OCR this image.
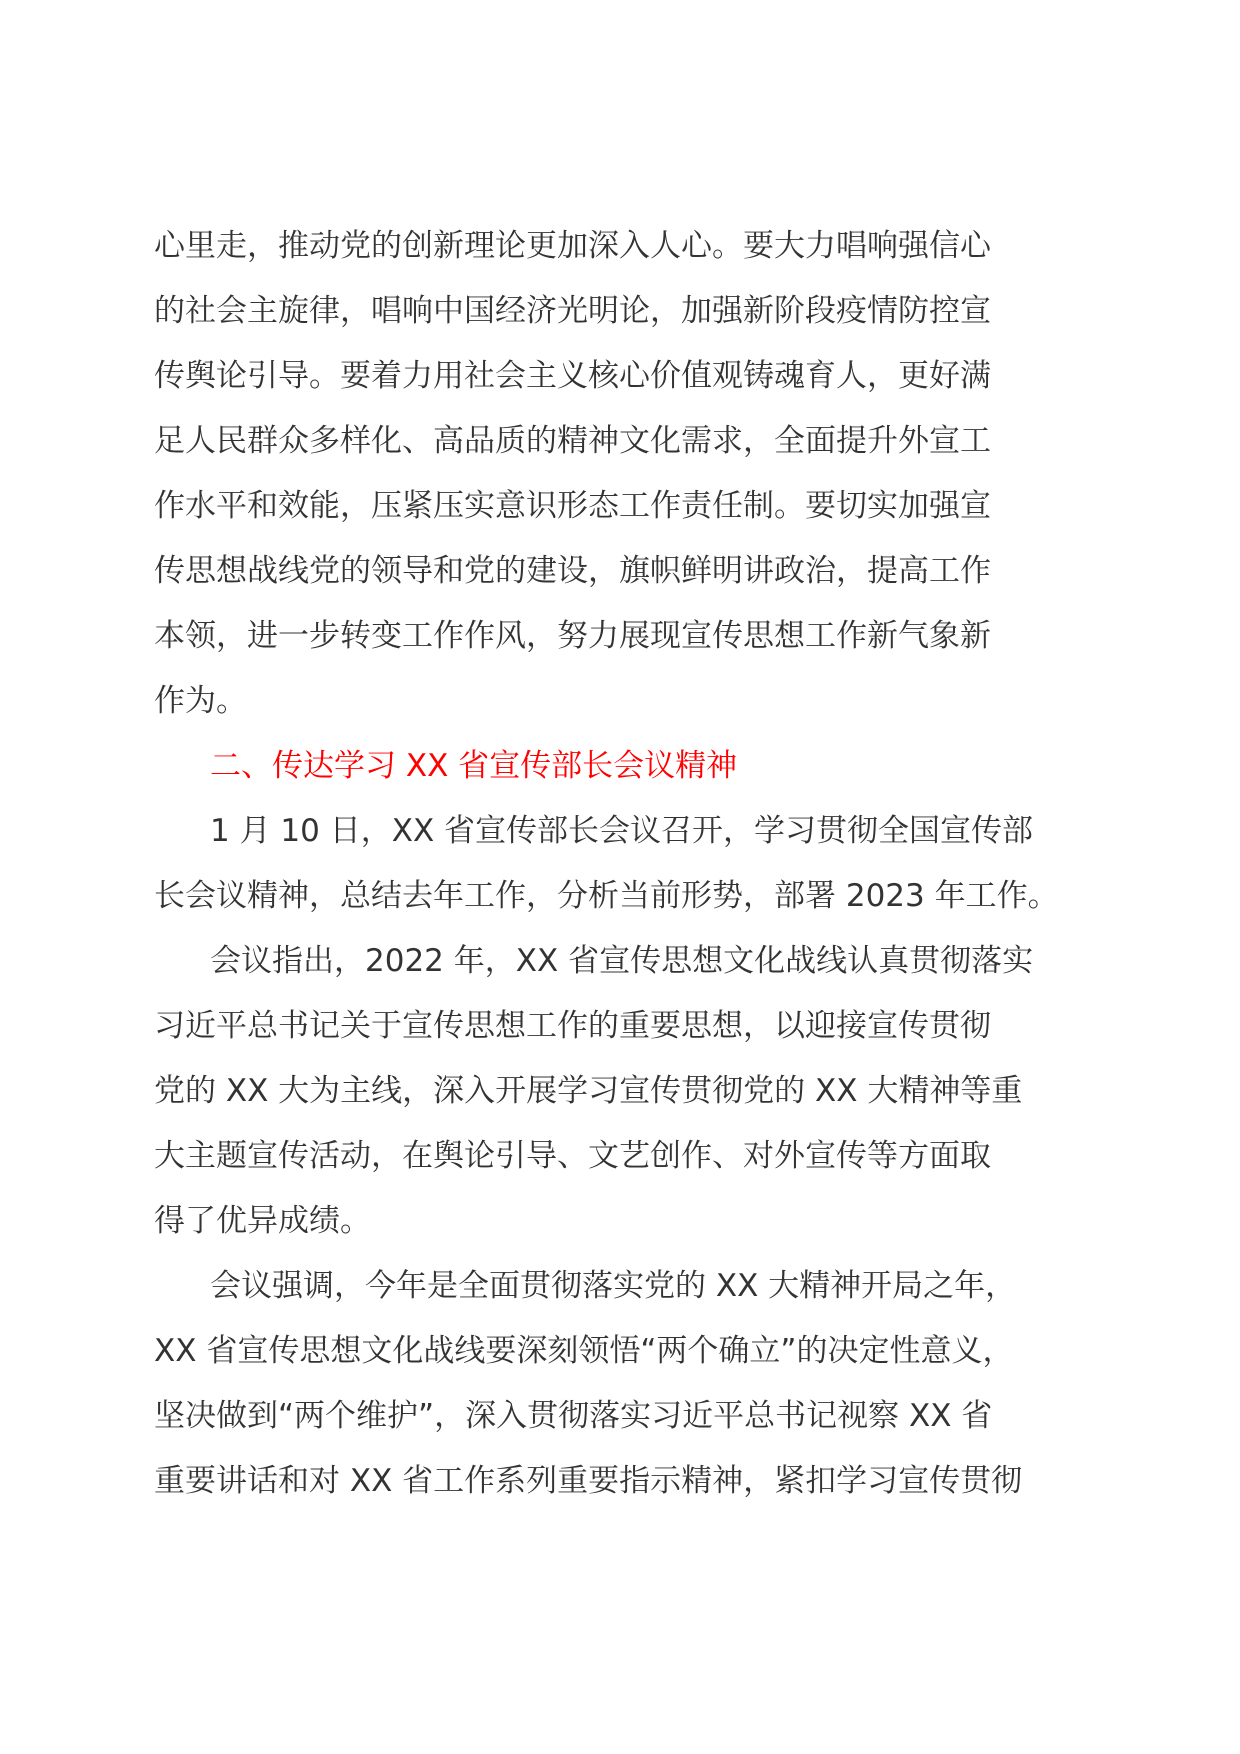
心里走，推动党的创新理论更加深入人心。要大力唱响强信心
的社会主旋律，唱响中国经济光明论，加强新阶段疫情防控宣
传舆论引导。要着力用社会主义核心价值观铸魂育人，更好满
足人民群众多样化、高品质的精神文化需求，全面提升外宣工
作水平和效能，压紧压实意识形态工作责任制。要切实加强宣
传思想战线党的领导和党的建设，旗帜鲜明讲政治，提高工作
本领，进一步转变工作作风，努力展现宣传思想工作新气象新
作为。
二、传达学习 XX 省宣传部长会议精神
1 月 10 日，XX 省宣传部长会议召开，学习贯彻全国宣传部
长会议精神，总结去年工作，分析当前形势，部署 2023 年工作。
会议指出，2022 年，XX 省宣传思想文化战线认真贯彻落实
习近平总书记关于宣传思想工作的重要思想，以迎接宣传贯彻
党的 XX 大为主线，深入开展学习宣传贯彻党的 XX 大精神等重
大主题宣传活动，在舆论引导、文艺创作、对外宣传等方面取
得了优异成绩。
会议强调，今年是全面贯彻落实党的 XX 大精神开局之年，
XX 省宣传思想文化战线要深刻领悟“两个确立”的决定性意义，
坚决做到“两个维护”，深入贯彻落实习近平总书记视察 XX 省
重要讲话和对 XX 省工作系列重要指示精神，紧扣学习宣传贯彻
